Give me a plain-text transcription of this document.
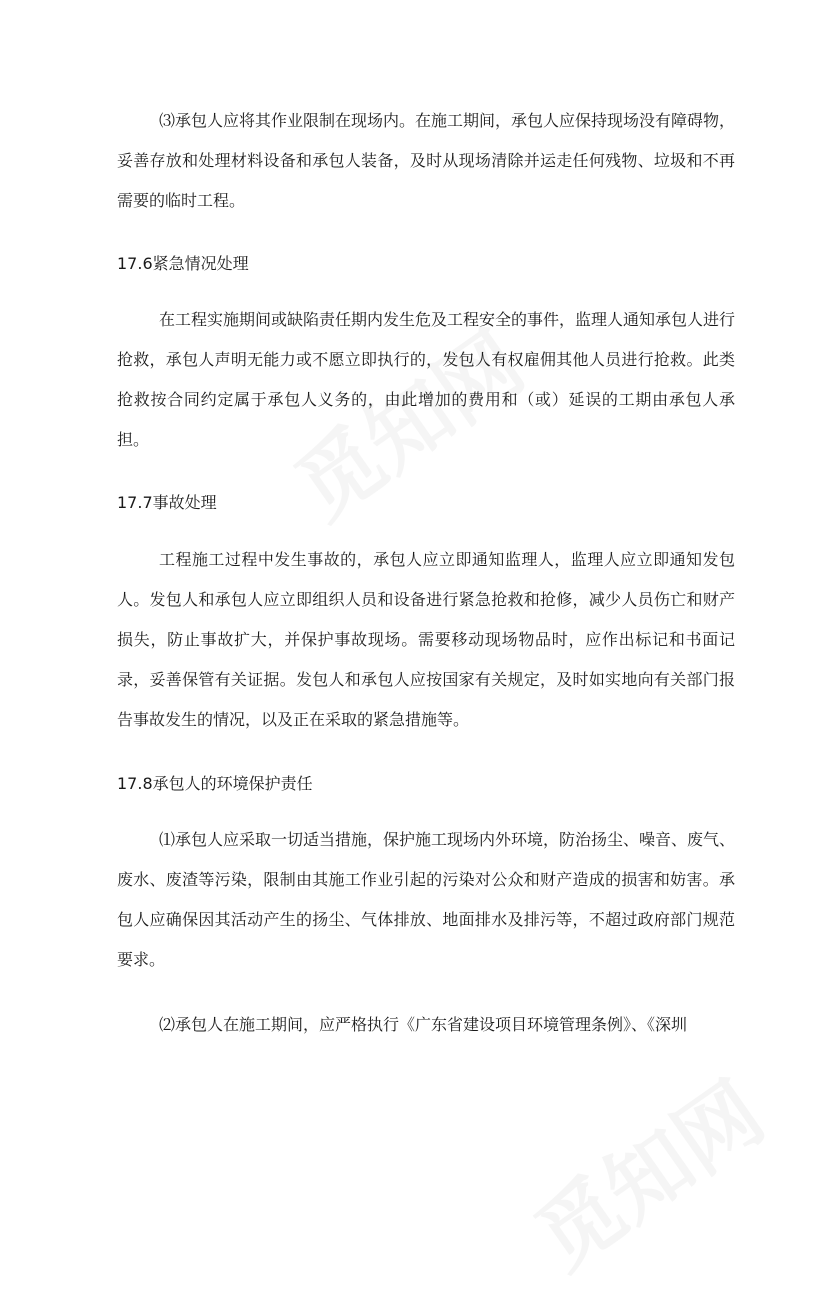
⑶承包人应将其作业限制在现场内。在施工期间，承包人应保持现场没有障碍物，妥善存放和处理材料设备和承包人装备，及时从现场清除并运走任何残物、垃圾和不再需要的临时工程。

17.6紧急情况处理

在工程实施期间或缺陷责任期内发生危及工程安全的事件，监理人通知承包人进行抢救，承包人声明无能力或不愿立即执行的，发包人有权雇佣其他人员进行抢救。此类抢救按合同约定属于承包人义务的，由此增加的费用和（或）延误的工期由承包人承担。

17.7事故处理

工程施工过程中发生事故的，承包人应立即通知监理人，监理人应立即通知发包人。发包人和承包人应立即组织人员和设备进行紧急抢救和抢修，减少人员伤亡和财产损失，防止事故扩大，并保护事故现场。需要移动现场物品时，应作出标记和书面记录，妥善保管有关证据。发包人和承包人应按国家有关规定，及时如实地向有关部门报告事故发生的情况，以及正在采取的紧急措施等。

17.8承包人的环境保护责任

⑴承包人应采取一切适当措施，保护施工现场内外环境，防治扬尘、噪音、废气、废水、废渣等污染，限制由其施工作业引起的污染对公众和财产造成的损害和妨害。承包人应确保因其活动产生的扬尘、气体排放、地面排水及排污等，不超过政府部门规范要求。

⑵承包人在施工期间，应严格执行《广东省建设项目环境管理条例》、《深圳
